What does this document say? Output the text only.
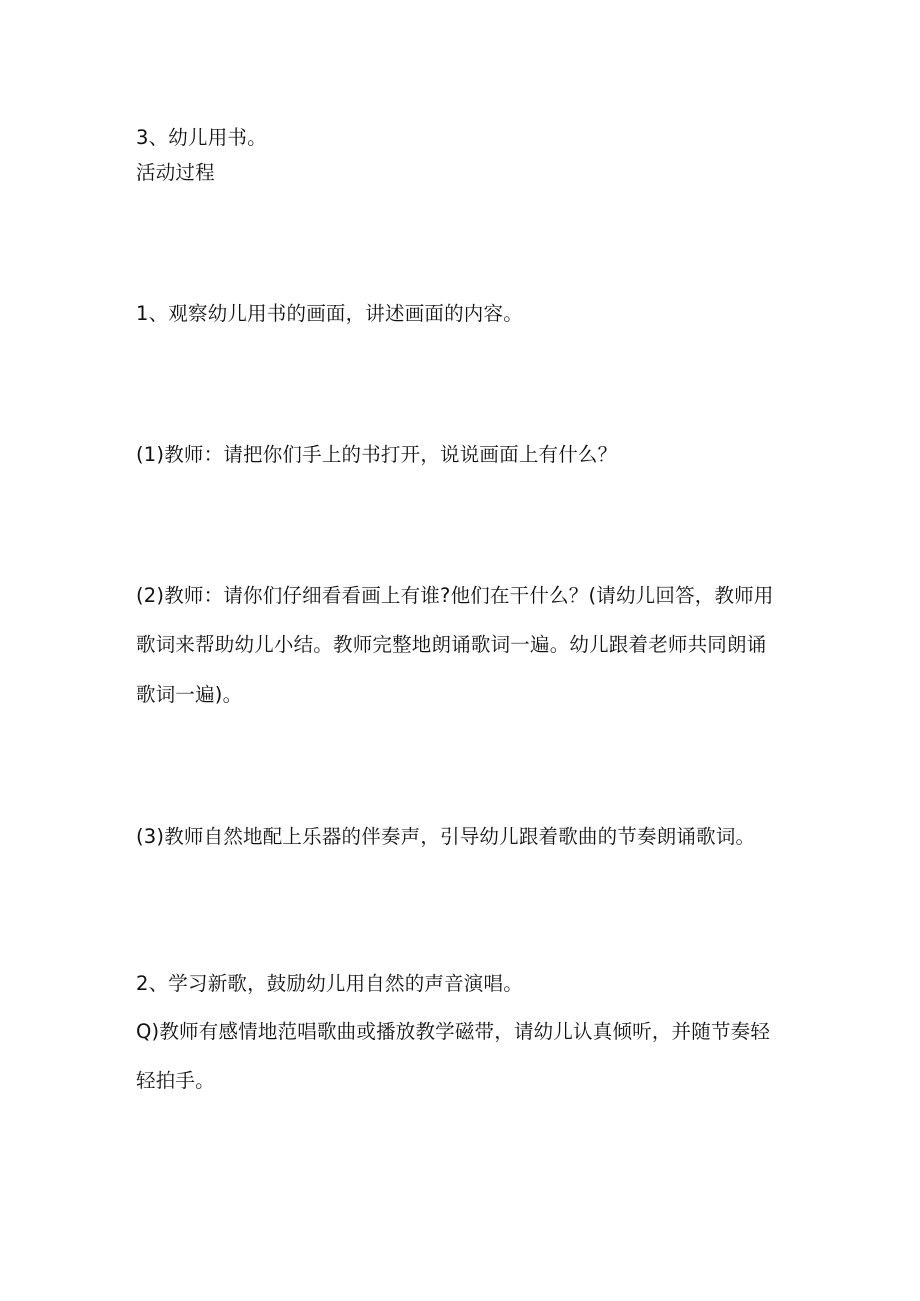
3、幼儿用书。
活动过程
1、观察幼儿用书的画面，讲述画面的内容。
(1)教师：请把你们手上的书打开，说说画面上有什么？
(2)教师：请你们仔细看看画上有谁?他们在干什么？(请幼儿回答，教师用
歌词来帮助幼儿小结。教师完整地朗诵歌词一遍。幼儿跟着老师共同朗诵
歌词一遍)。
(3)教师自然地配上乐器的伴奏声，引导幼儿跟着歌曲的节奏朗诵歌词。
2、学习新歌，鼓励幼儿用自然的声音演唱。
Q)教师有感情地范唱歌曲或播放教学磁带，请幼儿认真倾听，并随节奏轻
轻拍手。
